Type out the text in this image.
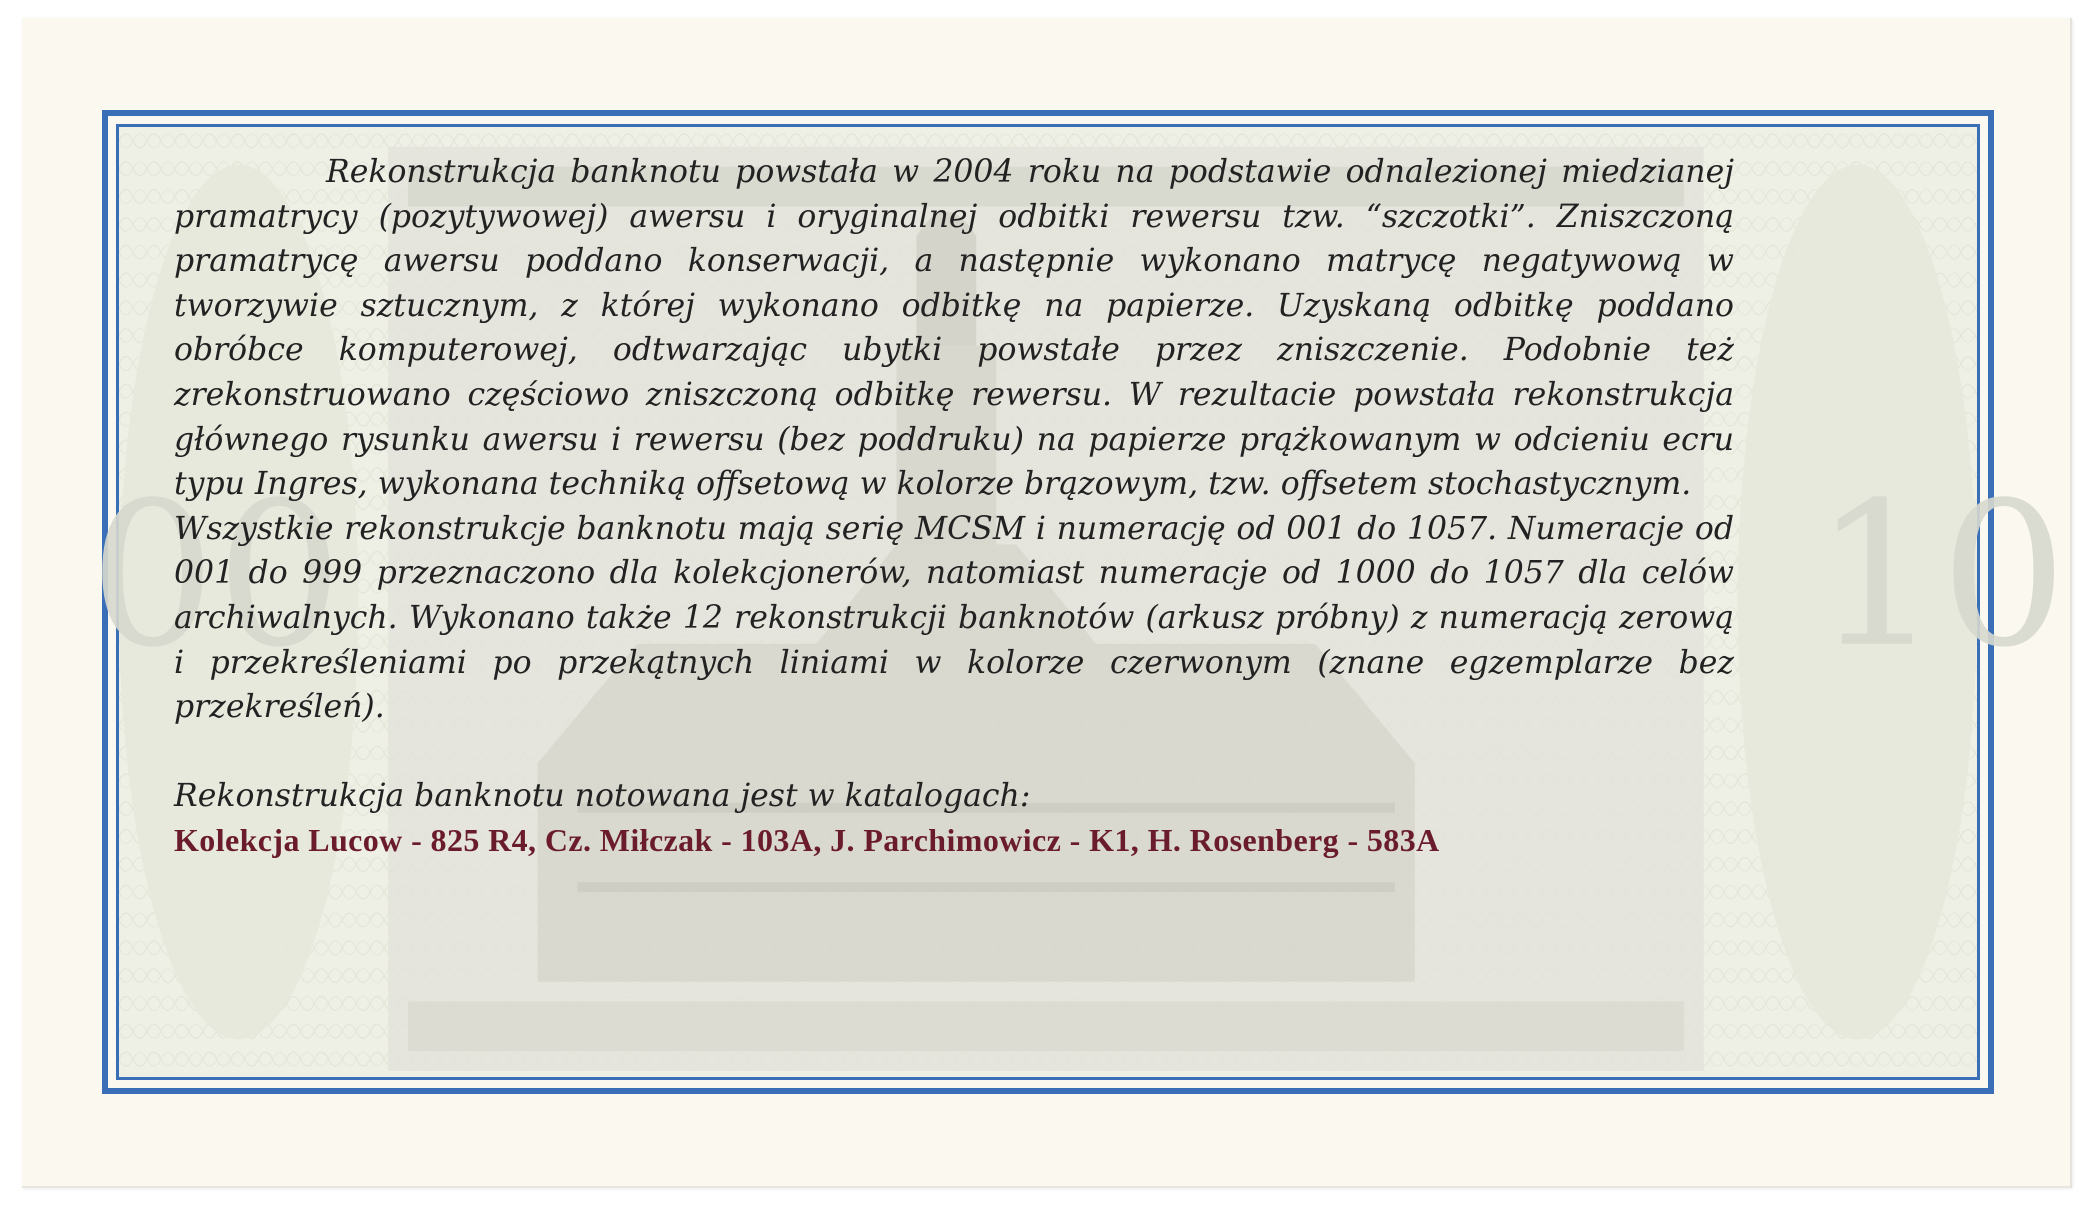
00	10

Rekonstrukcja banknotu powstała w 2004 roku na podstawie odnalezionej miedzianej pramatrycy (pozytywowej) awersu i oryginalnej odbitki rewersu tzw. “szczotki”. Zniszczoną pramatrycę awersu poddano konserwacji, a następnie wykonano matrycę negatywową w tworzywie sztucznym, z której wykonano odbitkę na papierze. Uzyskaną odbitkę poddano obróbce komputerowej, odtwarzając ubytki powstałe przez zniszczenie. Podobnie też zrekonstruowano częściowo zniszczoną odbitkę rewersu. W rezultacie powstała rekonstrukcja głównego rysunku awersu i rewersu (bez poddruku) na papierze prążkowanym w odcieniu ecru typu Ingres, wykonana techniką offsetową w kolorze brązowym, tzw. offsetem stochastycznym.

Wszystkie rekonstrukcje banknotu mają serię MCSM i numerację od 001 do 1057. Numeracje od 001 do 999 przeznaczono dla kolekcjonerów, natomiast numeracje od 1000 do 1057 dla celów archiwalnych. Wykonano także 12 rekonstrukcji banknotów (arkusz próbny) z numeracją zerową i przekreśleniami po przekątnych liniami w kolorze czerwonym (znane egzemplarze bez przekreśleń).

Rekonstrukcja banknotu notowana jest w katalogach:

Kolekcja Lucow - 825 R4, Cz. Miłczak - 103A, J. Parchimowicz - K1, H. Rosenberg - 583A
